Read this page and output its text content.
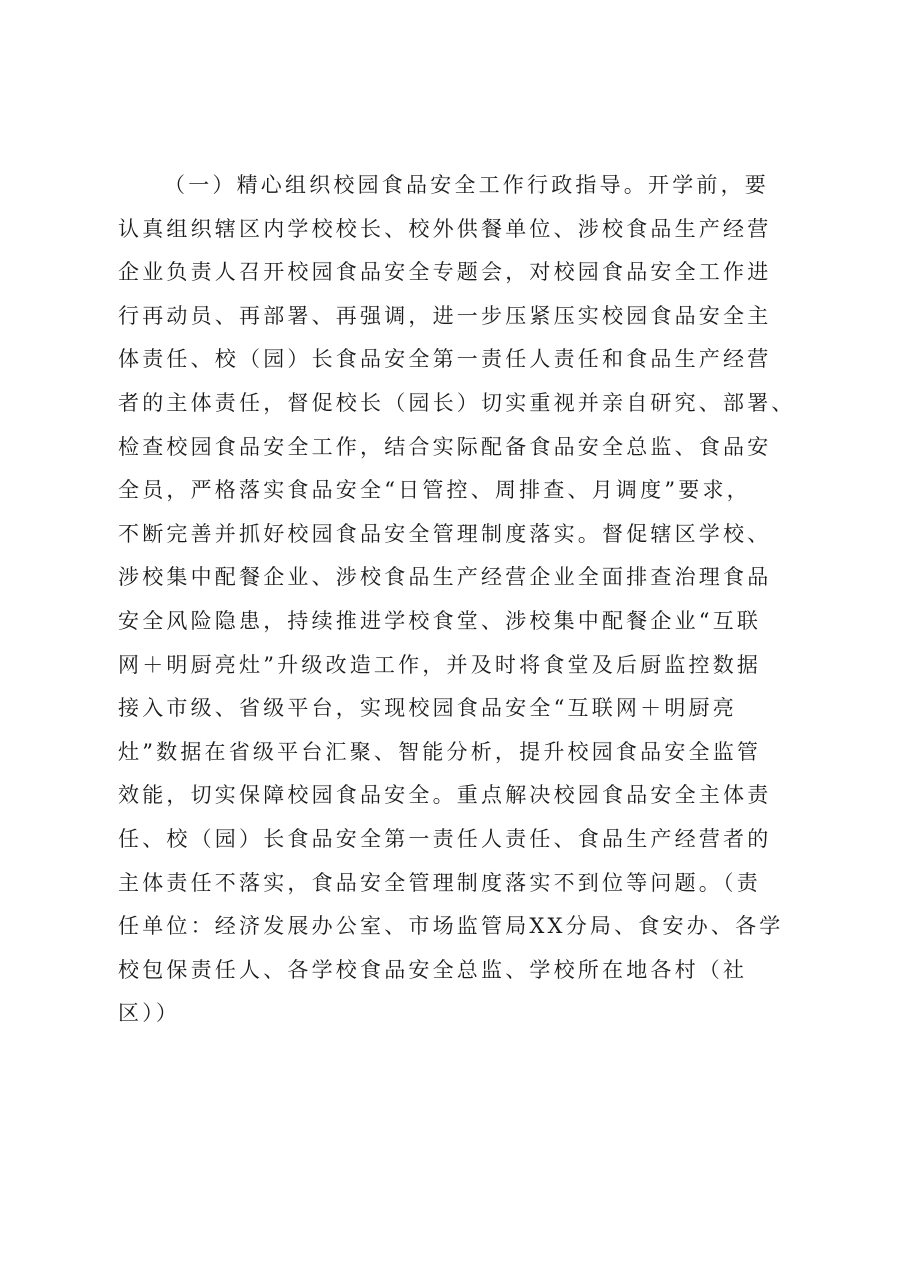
（一）精心组织校园食品安全工作行政指导。开学前，要
认真组织辖区内学校校长、校外供餐单位、涉校食品生产经营
企业负责人召开校园食品安全专题会，对校园食品安全工作进
行再动员、再部署、再强调，进一步压紧压实校园食品安全主
体责任、校（园）长食品安全第一责任人责任和食品生产经营
者的主体责任，督促校长（园长）切实重视并亲自研究、部署、
检查校园食品安全工作，结合实际配备食品安全总监、食品安
全员，严格落实食品安全“日管控、周排查、月调度”要求，
不断完善并抓好校园食品安全管理制度落实。督促辖区学校、
涉校集中配餐企业、涉校食品生产经营企业全面排查治理食品
安全风险隐患，持续推进学校食堂、涉校集中配餐企业“互联
网＋明厨亮灶”升级改造工作，并及时将食堂及后厨监控数据
接入市级、省级平台，实现校园食品安全“互联网＋明厨亮
灶”数据在省级平台汇聚、智能分析，提升校园食品安全监管
效能，切实保障校园食品安全。重点解决校园食品安全主体责
任、校（园）长食品安全第一责任人责任、食品生产经营者的
主体责任不落实，食品安全管理制度落实不到位等问题。（责
任单位：经济发展办公室、市场监管局XX分局、食安办、各学
校包保责任人、各学校食品安全总监、学校所在地各村（社
区））
